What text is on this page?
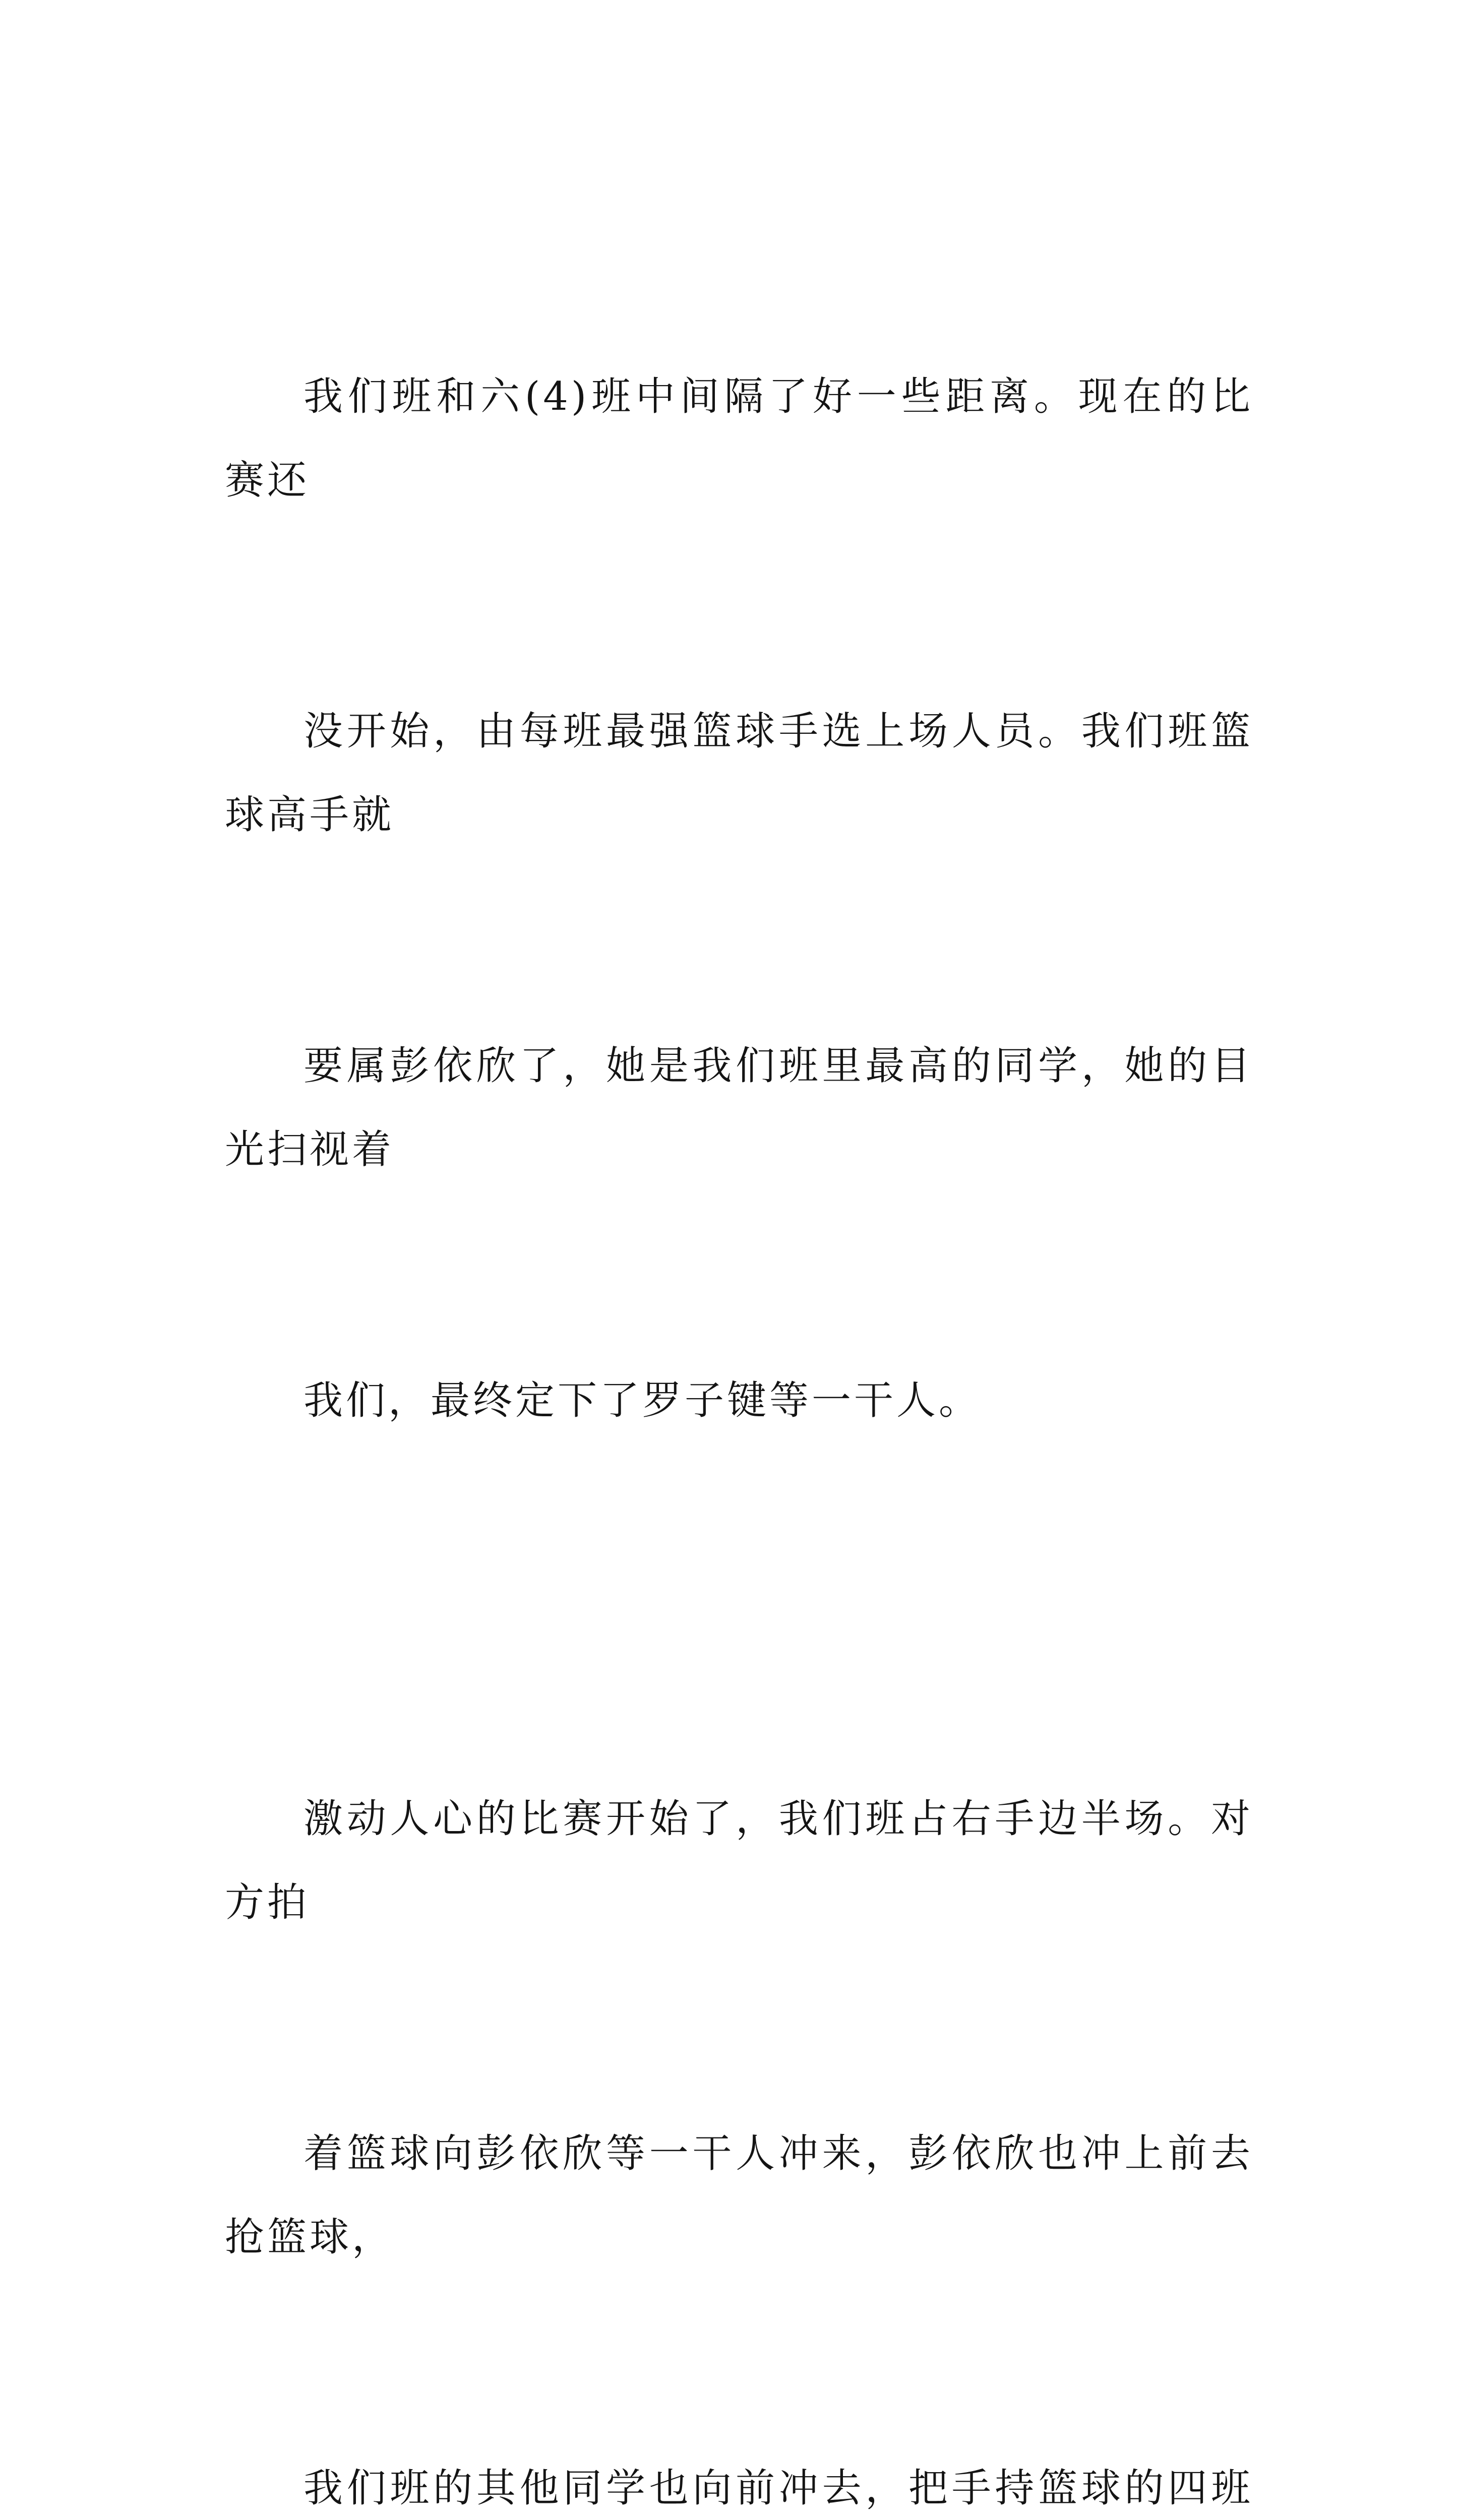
我们班和六(4)班中间隔了好一些距离。现在的比赛还

没开始，由每班最强篮球手选上场人员。我们班篮球高手就

要属彭依欣了，她是我们班里最高的同学，她的目光扫视着

我们，最终定下了罗子键等一干人。

激动人心的比赛开始了，我们班占右手边半场。对方拍

着篮球向彭依欣等一干人冲来，彭依欣也冲上前去抢篮球，

我们班的其他同学也向前冲去，把手持篮球的四班
